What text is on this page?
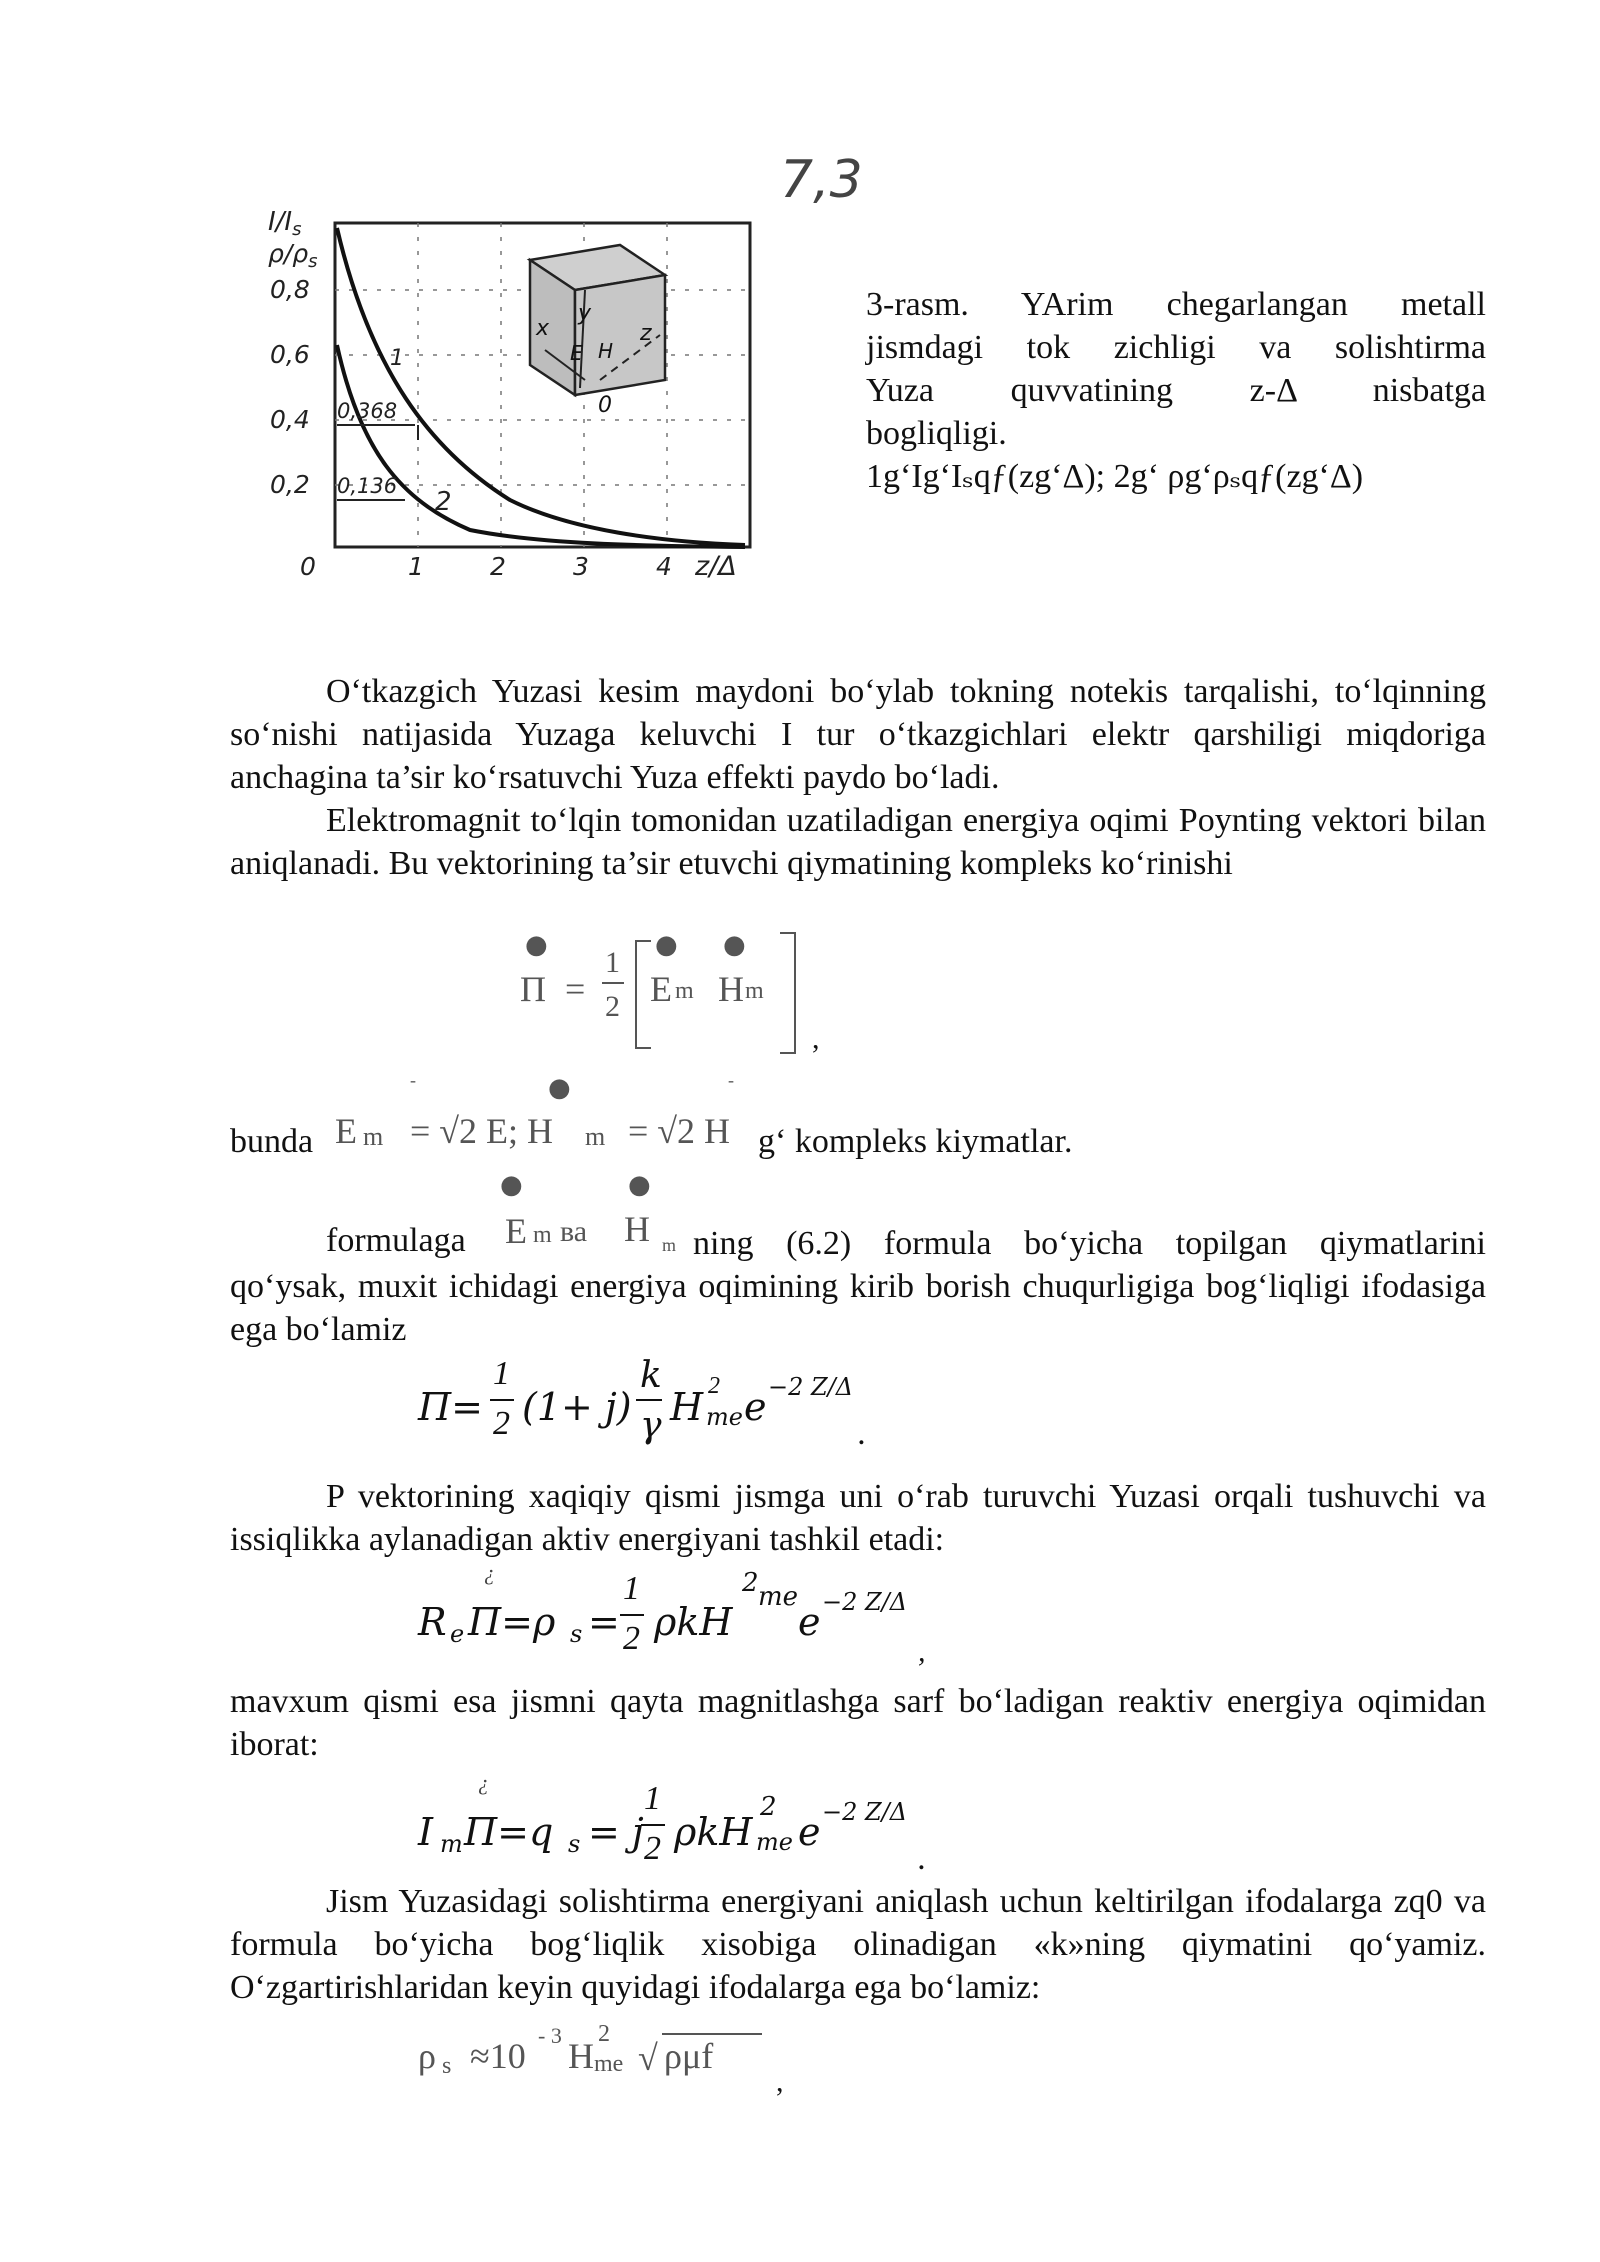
7,3
1
2
0,368
0,136
y
x	z
E H
0
0,8
0,6
0,4
0,2
I/Is
$\rho/\rho_s$
0	1	2	3	4 z/Δ
3-rasm. YArim chegarlangan metall
jismdagi tok zichligi va solishtirma
Yuza quvvatining z-Δ nisbatga
bogliqligi.
1g‘Ig‘Iₛqƒ(zg‘Δ); 2g‘ ρg‘ρₛqƒ(zg‘Δ)
O‘tkazgich Yuzasi kesim maydoni bo‘ylab tokning notekis tarqalishi, to‘lqinning so‘nishi natijasida Yuzaga keluvchi I tur o‘tkazgichlari elektr qarshiligi miqdoriga anchagina ta’sir ko‘rsatuvchi Yuza effekti paydo bo‘ladi.
Elektromagnit to‘lqin tomonidan uzatiladigan energiya oqimi Poynting vektori bilan aniqlanadi. Bu vektorining ta’sir etuvchi qiymatining kompleks ko‘rinishi
●
Π =
1
2
●
E m
●
H m
,
bunda E m
-	●
= √2 E; H m
-
= √2 H g‘ kompleks kiymatlar.
●	●
formulaga E m ва H m ning (6.2) formula bo‘yicha topilgan qiymatlarini qo‘ysak, muxit ichidagi energiya oqimining kirib borish chuqurligiga bog‘liqligi ifodasiga ega bo‘lamiz
Π=
1
2 (1+ j)
k
γ H 2
me e −2 Z/Δ
.
P vektorining xaqiqiy qismi jismga uni o‘rab turuvchi Yuzasi orqali tushuvchi va issiqlikka aylanadigan aktiv energiyani tashkil etadi:
¿
R e Π=ρ s =
1
2 ρkH
2 me
e −2 Z/Δ
,
mavxum qismi esa jismni qayta magnitlashga sarf bo‘ladigan reaktiv energiya oqimidan iborat:
¿
I m Π=q s = j
1
2 ρkH
2
me e −2 Z/Δ
.
Jism Yuzasidagi solishtirma energiyani aniqlash uchun keltirilgan ifodalarga zq0 va formula bo‘yicha bog‘liqlik xisobiga olinadigan «k»ning qiymatini qo‘yamiz. O‘zgartirishlaridan keyin quyidagi ifodalarga ega bo‘lamiz:
ρ s ≈10
- 3
H
2
me √ ρμf
,
